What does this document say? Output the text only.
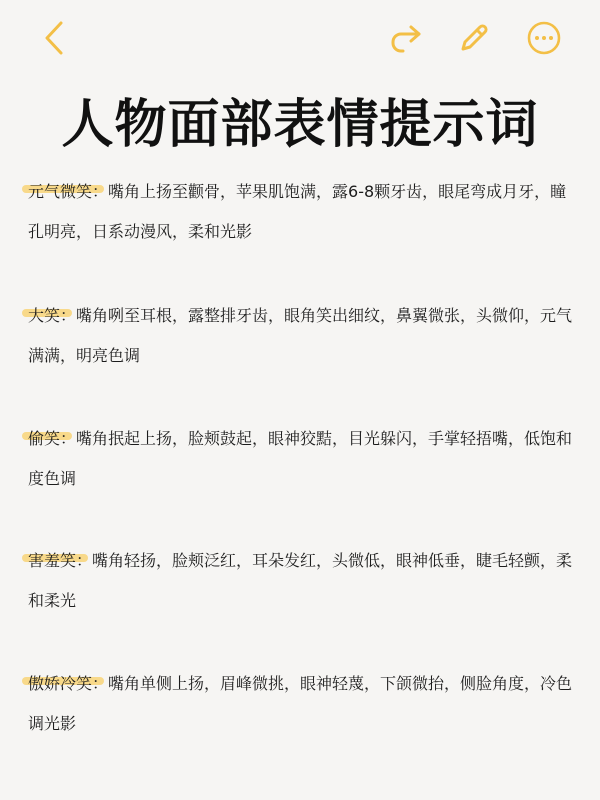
人物面部表情提示词
元气微笑：嘴角上扬至颧骨，苹果肌饱满，露6-8颗牙齿，眼尾弯成月牙，瞳孔明亮，日系动漫风，柔和光影
大笑：嘴角咧至耳根，露整排牙齿，眼角笑出细纹，鼻翼微张，头微仰，元气满满，明亮色调
偷笑：嘴角抿起上扬，脸颊鼓起，眼神狡黠，目光躲闪，手掌轻捂嘴，低饱和度色调
害羞笑：嘴角轻扬，脸颊泛红，耳朵发红，头微低，眼神低垂，睫毛轻颤，柔和柔光
傲娇冷笑：嘴角单侧上扬，眉峰微挑，眼神轻蔑，下颌微抬，侧脸角度，冷色调光影
